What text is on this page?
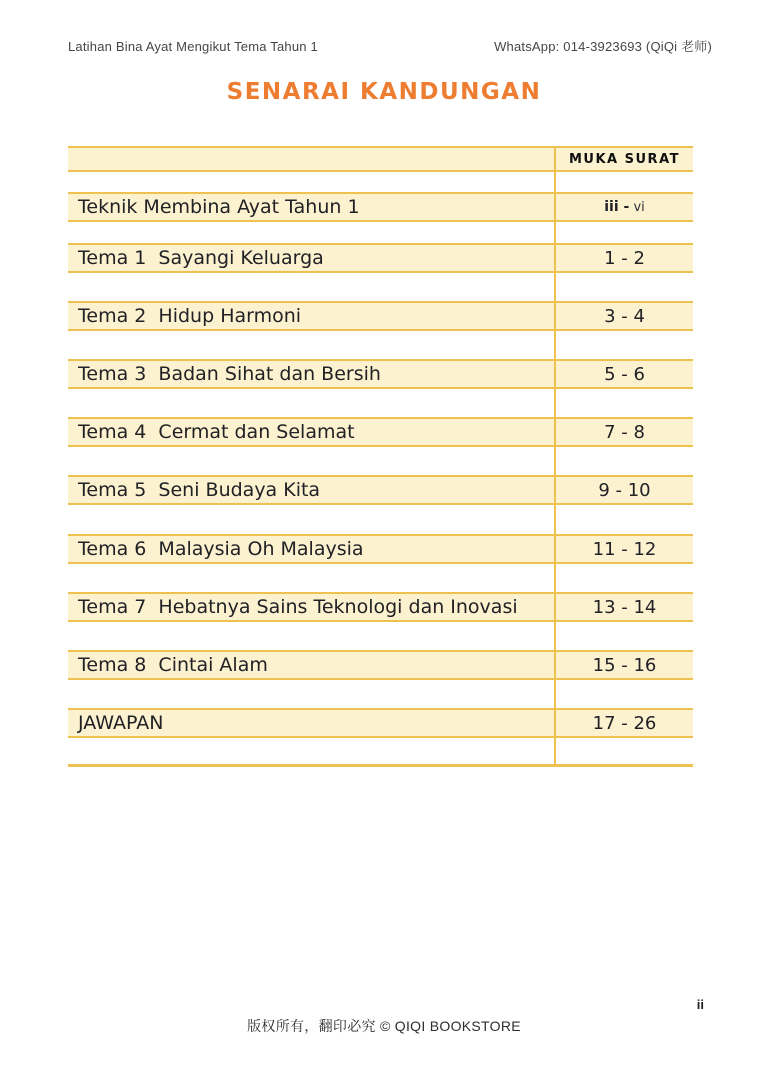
Latihan Bina Ayat Mengikut Tema Tahun 1	WhatsApp: 014-3923693 (QiQi 老师)
SENARAI KANDUNGAN
MUKA SURAT
Teknik Membina Ayat Tahun 1	iii - vi
Tema 1  Sayangi Keluarga	1 - 2
Tema 2  Hidup Harmoni	3 - 4
Tema 3  Badan Sihat dan Bersih	5 - 6
Tema 4  Cermat dan Selamat	7 - 8
Tema 5  Seni Budaya Kita	9 - 10
Tema 6  Malaysia Oh Malaysia	11 - 12
Tema 7  Hebatnya Sains Teknologi dan Inovasi	13 - 14
Tema 8  Cintai Alam	15 - 16
JAWAPAN	17 - 26
版权所有，翻印必究 © QIQI BOOKSTORE
ii
